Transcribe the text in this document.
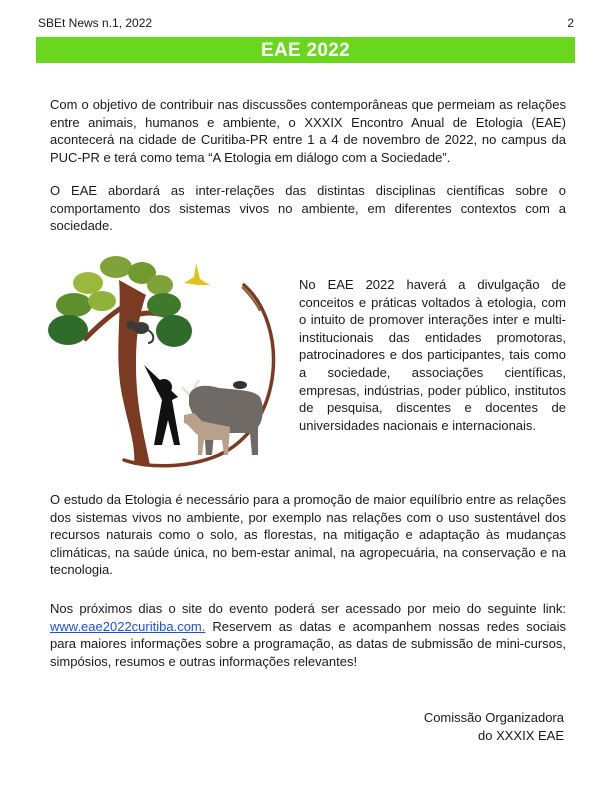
SBEt News n.1, 2022	2
EAE 2022

Com o objetivo de contribuir nas discussões contemporâneas que permeiam as relações entre animais, humanos e ambiente, o XXXIX Encontro Anual de Etologia (EAE) acontecerá na cidade de Curitiba-PR entre 1 a 4 de novembro de 2022, no campus da PUC-PR e terá como tema “A Etologia em diálogo com a Sociedade”.

O EAE abordará as inter-relações das distintas disciplinas científicas sobre o comportamento dos sistemas vivos no ambiente, em diferentes contextos com a sociedade.

No EAE 2022 haverá a divulgação de conceitos e práticas voltados à etologia, com o intuito de promover interações inter e multi-institucionais das entidades promotoras, patrocinadores e dos participantes, tais como a sociedade, associações científicas, empresas, indústrias, poder público, institutos de pesquisa, discentes e docentes de universidades nacionais e internacionais.

O estudo da Etologia é necessário para a promoção de maior equilíbrio entre as relações dos sistemas vivos no ambiente, por exemplo nas relações com o uso sustentável dos recursos naturais como o solo, as florestas, na mitigação e adaptação às mudanças climáticas, na saúde única, no bem-estar animal, na agropecuária, na conservação e na tecnologia.

Nos próximos dias o site do evento poderá ser acessado por meio do seguinte link: www.eae2022curitiba.com. Reservem as datas e acompanhem nossas redes sociais para maiores informações sobre a programação, as datas de submissão de mini-cursos, simpósios, resumos e outras informações relevantes!

Comissão Organizadora
do XXXIX EAE
